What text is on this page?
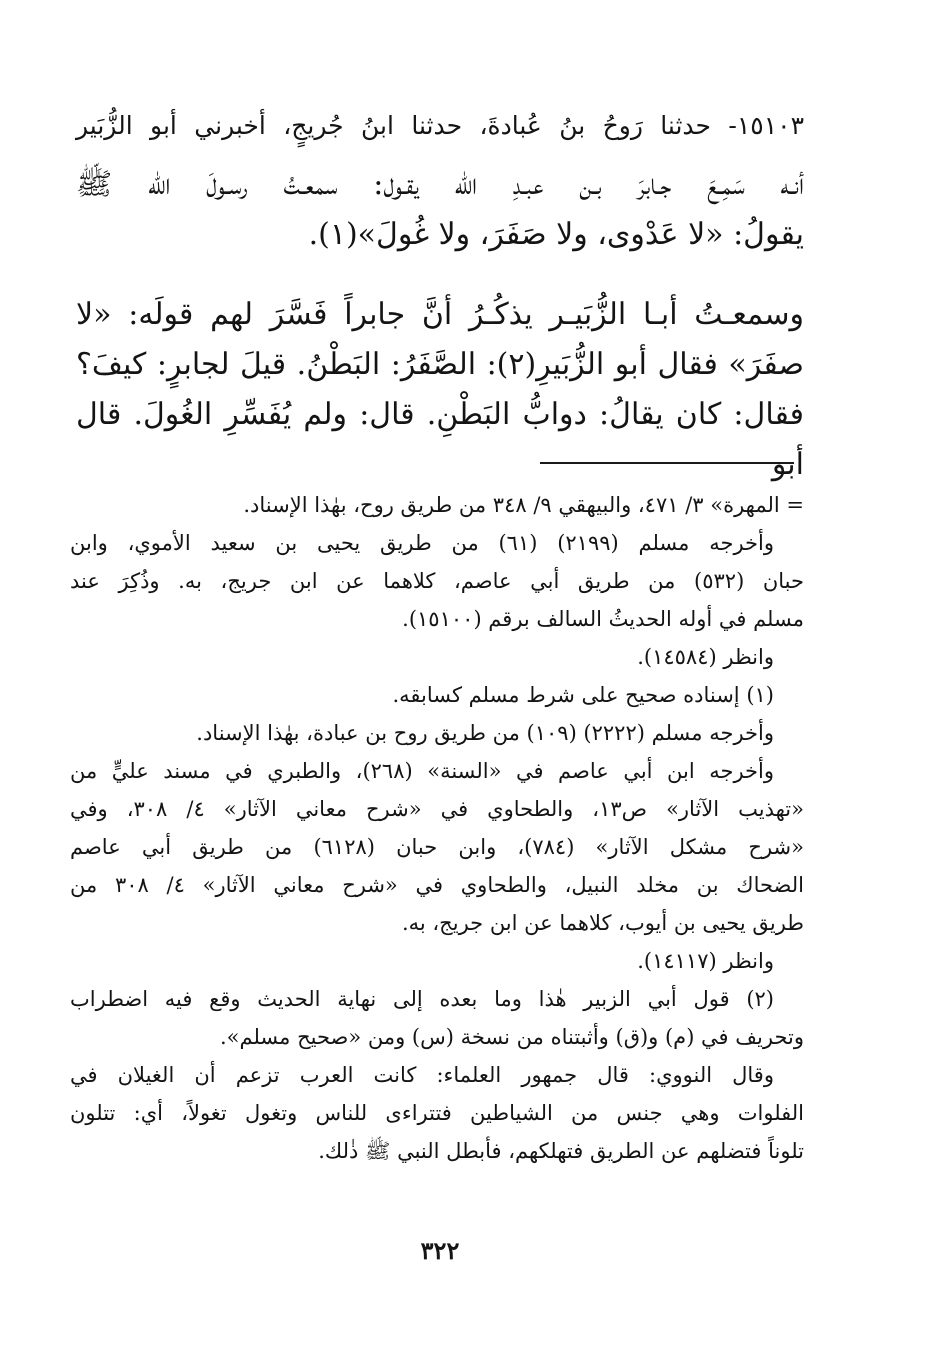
١٥١٠٣- حدثنا رَوحُ بنُ عُبادةَ، حدثنا ابنُ جُريجٍ، أخبرني أبو الزُّبَير
أنـه سَمِـعَ جـابرَ بـن عبـدِ الله يقـول: سمعـتُ رسـولَ الله ﷺ
يقولُ: «لا عَدْوى، ولا صَفَرَ، ولا غُولَ»(١).
وسمعـتُ أبـا الزُّبَيـر يذكُـرُ أنَّ جابراً فَسَّرَ لهم قولَه: «لا
صفَرَ» فقال أبو الزُّبَيرِ(٢): الصَّفَرُ: البَطْنُ. قيلَ لجابرٍ: كيفَ؟
فقال: كان يقالُ: دوابُّ البَطْنِ. قال: ولم يُفَسِّرِ الغُولَ. قال أبو
= المهرة» ٣/ ٤٧١، والبيهقي ٩/ ٣٤٨ من طريق روح، بهٰذا الإسناد.
وأخرجه مسلم (٢١٩٩) (٦١) من طريق يحيى بن سعيد الأموي، وابن
حبان (٥٣٢) من طريق أبي عاصم، كلاهما عن ابن جريج، به. وذُكِرَ عند
مسلم في أوله الحديثُ السالف برقم (١٥١٠٠).
وانظر (١٤٥٨٤).
(١) إسناده صحيح على شرط مسلم كسابقه.
وأخرجه مسلم (٢٢٢٢) (١٠٩) من طريق روح بن عبادة، بهٰذا الإسناد.
وأخرجه ابن أبي عاصم في «السنة» (٢٦٨)، والطبري في مسند عليٍّ من
«تهذيب الآثار» ص١٣، والطحاوي في «شرح معاني الآثار» ٤/ ٣٠٨، وفي
«شرح مشكل الآثار» (٧٨٤)، وابن حبان (٦١٢٨) من طريق أبي عاصم
الضحاك بن مخلد النبيل، والطحاوي في «شرح معاني الآثار» ٤/ ٣٠٨ من
طريق يحيى بن أيوب، كلاهما عن ابن جريج، به.
وانظر (١٤١١٧).
(٢) قول أبي الزبير هٰذا وما بعده إلى نهاية الحديث وقع فيه اضطراب
وتحريف في (م) و(ق) وأثبتناه من نسخة (س) ومن «صحيح مسلم».
وقال النووي: قال جمهور العلماء: كانت العرب تزعم أن الغيلان في
الفلوات وهي جنس من الشياطين فتتراءى للناس وتغول تغولاً، أي: تتلون
تلوناً فتضلهم عن الطريق فتهلكهم، فأبطل النبي ﷺ ذٰلك.
٣٢٢
